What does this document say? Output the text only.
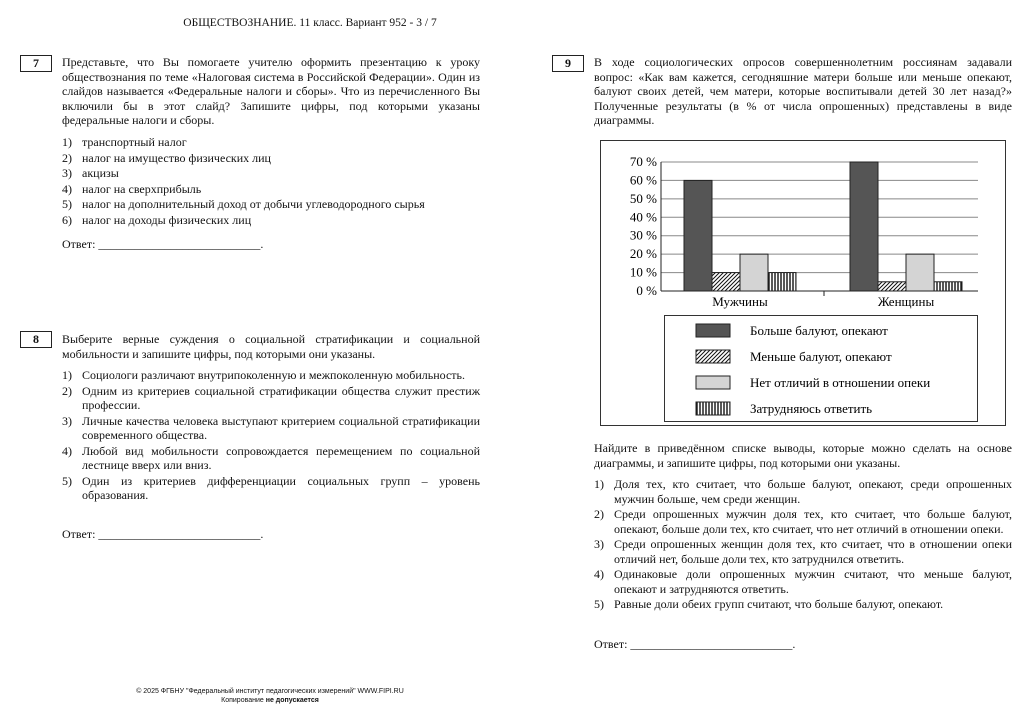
ОБЩЕСТВОЗНАНИЕ. 11 класс. Вариант 952 - 3 / 7
7	Представьте, что Вы помогаете учителю оформить презентацию к уроку обществознания по теме «Налоговая система в Российской Федерации». Один из слайдов называется «Федеральные налоги и сборы». Что из перечисленного Вы включили бы в этот слайд? Запишите цифры, под которыми указаны федеральные налоги и сборы.
1) транспортный налог
2) налог на имущество физических лиц
3) акцизы
4) налог на сверхприбыль
5) налог на дополнительный доход от добычи углеводородного сырья
6) налог на доходы физических лиц
Ответ: ___________________________.
8	Выберите верные суждения о социальной стратификации и социальной мобильности и запишите цифры, под которыми они указаны.
1) Социологи различают внутрипоколенную и межпоколенную мобильность.
2) Одним из критериев социальной стратификации общества служит престиж профессии.
3) Личные качества человека выступают критерием социальной стратификации современного общества.
4) Любой вид мобильности сопровождается перемещением по социальной лестнице вверх или вниз.
5) Один из критериев дифференциации социальных групп – уровень образования.
Ответ: ___________________________.
9	В ходе социологических опросов совершеннолетним россиянам задавали вопрос: «Как вам кажется, сегодняшние матери больше или меньше опекают, балуют своих детей, чем матери, которые воспитывали детей 30 лет назад?» Полученные результаты (в % от числа опрошенных) представлены в виде диаграммы.
0 %
10 %
20 %
30 %
40 %
50 %
60 %
70 %
Мужчины	Женщины
Больше балуют, опекают
Меньше балуют, опекают
Нет отличий в отношении опеки
Затрудняюсь ответить
Найдите в приведённом списке выводы, которые можно сделать на основе диаграммы, и запишите цифры, под которыми они указаны.
1) Доля тех, кто считает, что больше балуют, опекают, среди опрошенных мужчин больше, чем среди женщин.
2) Среди опрошенных мужчин доля тех, кто считает, что больше балуют, опекают, больше доли тех, кто считает, что нет отличий в отношении опеки.
3) Среди опрошенных женщин доля тех, кто считает, что в отношении опеки отличий нет, больше доли тех, кто затруднился ответить.
4) Одинаковые доли опрошенных мужчин считают, что меньше балуют, опекают и затрудняются ответить.
5) Равные доли обеих групп считают, что больше балуют, опекают.
Ответ: ___________________________.
© 2025 ФГБНУ "Федеральный институт педагогических измерений" WWW.FIPI.RU
Копирование не допускается
